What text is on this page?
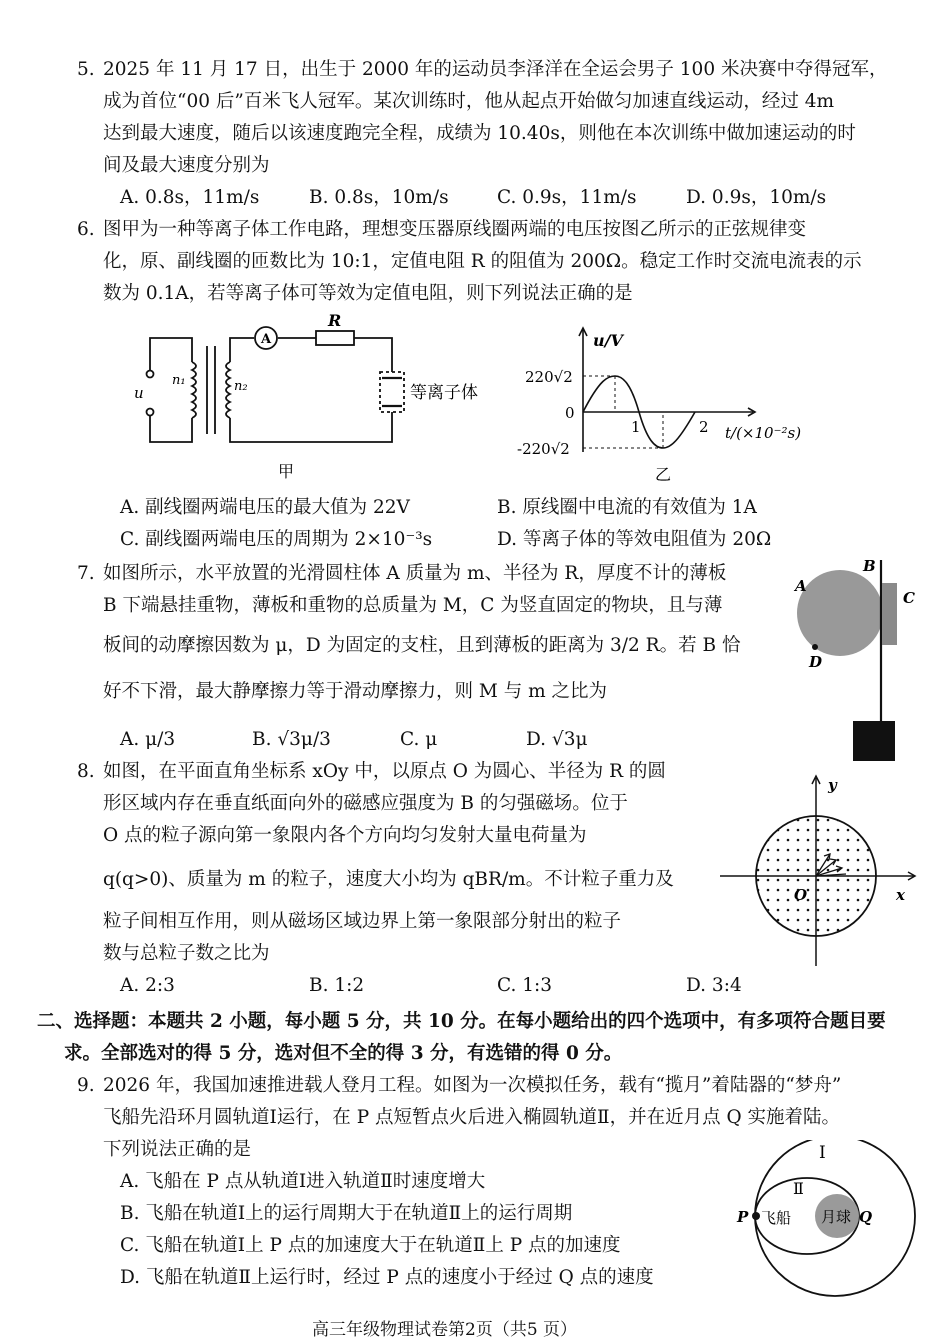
5. 2025 年 11 月 17 日，出生于 2000 年的运动员李泽洋在全运会男子 100 米决赛中夺得冠军，
成为首位“00 后”百米飞人冠军。某次训练时，他从起点开始做匀加速直线运动，经过 4m
达到最大速度，随后以该速度跑完全程，成绩为 10.40s，则他在本次训练中做加速运动的时
间及最大速度分别为
A. 0.8s，11m/s	B. 0.8s，10m/s	C. 0.9s，11m/s	D. 0.9s，10m/s
6. 图甲为一种等离子体工作电路，理想变压器原线圈两端的电压按图乙所示的正弦规律变
化，原、副线圈的匝数比为 10:1，定值电阻 R 的阻值为 200Ω。稳定工作时交流电流表的示
数为 0.1A，若等离子体可等效为定值电阻，则下列说法正确的是
A
R
u
n₁	n₂	等离子体
甲
u/V
220√2
0
-220√2
1	2 t/(×10⁻²s)
乙
A. 副线圈两端电压的最大值为 22V	B. 原线圈中电流的有效值为 1A
C. 副线圈两端电压的周期为 2×10⁻³s	D. 等离子体的等效电阻值为 20Ω
7. 如图所示，水平放置的光滑圆柱体 A 质量为 m、半径为 R，厚度不计的薄板
B 下端悬挂重物，薄板和重物的总质量为 M，C 为竖直固定的物块，且与薄
板间的动摩擦因数为 μ，D 为固定的支柱，且到薄板的距离为 3/2 R。若 B 恰
好不下滑，最大静摩擦力等于滑动摩擦力，则 M 与 m 之比为
A. μ/3	B. √3μ/3	C. μ	D. √3μ
A
B
C
D
8. 如图，在平面直角坐标系 xOy 中，以原点 O 为圆心、半径为 R 的圆
形区域内存在垂直纸面向外的磁感应强度为 B 的匀强磁场。位于
O 点的粒子源向第一象限内各个方向均匀发射大量电荷量为
q(q>0)、质量为 m 的粒子，速度大小均为 qBR/m。不计粒子重力及
粒子间相互作用，则从磁场区域边界上第一象限部分射出的粒子
数与总粒子数之比为
A. 2:3	B. 1:2	C. 1:3	D. 3:4
y
x
O
二、选择题：本题共 2 小题，每小题 5 分，共 10 分。在每小题给出的四个选项中，有多项符合题目要
求。全部选对的得 5 分，选对但不全的得 3 分，有选错的得 0 分。
9. 2026 年，我国加速推进载人登月工程。如图为一次模拟任务，载有“揽月”着陆器的“梦舟”
飞船先沿环月圆轨道Ⅰ运行，在 P 点短暂点火后进入椭圆轨道Ⅱ，并在近月点 Q 实施着陆。
下列说法正确的是
A. 飞船在 P 点从轨道Ⅰ进入轨道Ⅱ时速度增大
B. 飞船在轨道Ⅰ上的运行周期大于在轨道Ⅱ上的运行周期
C. 飞船在轨道Ⅰ上 P 点的加速度大于在轨道Ⅱ上 P 点的加速度
D. 飞船在轨道Ⅱ上运行时，经过 P 点的速度小于经过 Q 点的速度
Ⅰ
Ⅱ
P 飞船 月球 Q
高三年级物理试卷第2页（共5 页）
